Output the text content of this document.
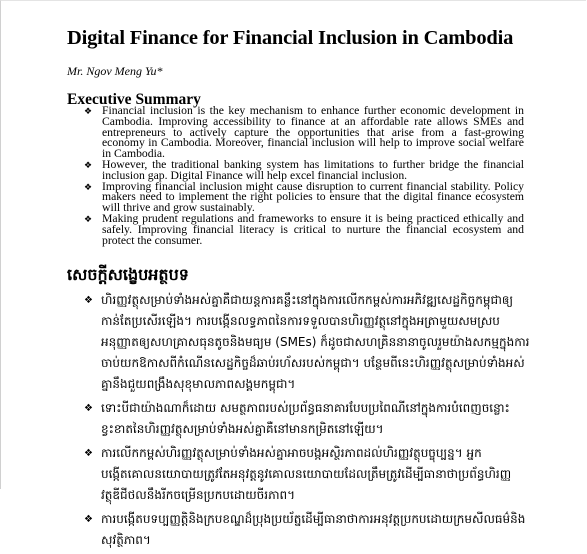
Digital Finance for Financial Inclusion in Cambodia
Mr. Ngov Meng Yu*
Executive Summary
❖ Financial inclusion is the key mechanism to enhance further economic development in Cambodia. Improving accessibility to finance at an affordable rate allows SMEs and entrepreneurs to actively capture the opportunities that arise from a fast-growing economy in Cambodia. Moreover, financial inclusion will help to improve social welfare in Cambodia.
❖ However, the traditional banking system has limitations to further bridge the financial inclusion gap. Digital Finance will help excel financial inclusion.
❖ Improving financial inclusion might cause disruption to current financial stability. Policy makers need to implement the right policies to ensure that the digital finance ecosystem will thrive and grow sustainably.
❖ Making prudent regulations and frameworks to ensure it is being practiced ethically and safely. Improving financial literacy is critical to nurture the financial ecosystem and protect the consumer.
សេចក្តីសង្ខេបអត្ថបទ
❖ ហិរញ្ញវត្ថុសម្រាប់ទាំងអស់គ្នាគឺជាយន្តការគន្លឹះនៅក្នុងការលើកកម្ពស់ការអភិវឌ្ឍសេដ្ឋកិច្ចកម្ពុជាឲ្យកាន់តែប្រសើរឡើង។ ការបង្កើនលទ្ធភាពនៃការទទួលបានហិរញ្ញវត្ថុនៅក្នុងអត្រាមួយសមស្របអនុញ្ញាតឲ្យសហគ្រាសធុនតូចនិងមធ្យម (SMEs) ក៏ដូចជាសហគ្រិននានាចូលរួមយ៉ាងសកម្មក្នុងការចាប់យកឱកាសពីកំណើនសេដ្ឋកិច្ចដ៏ឆាប់រហ័សរបស់កម្ពុជា។ បន្ថែមពីនេះហិរញ្ញវត្ថុសម្រាប់ទាំងអស់គ្នានឹងជួយពង្រឹងសុខុមាលភាពសង្គមកម្ពុជា។
❖ ទោះបីជាយ៉ាងណាក៏ដោយ សមត្ថភាពរបស់ប្រព័ន្ធធនាគារបែបប្រពៃណីនៅក្នុងការបំពេញចន្លោះខ្វះខាតនៃហិរញ្ញវត្ថុសម្រាប់ទាំងអស់គ្នាគឺនៅមានកម្រិតនៅឡើយ។
❖ ការលើកកម្ពស់ហិរញ្ញវត្ថុសម្រាប់ទាំងអស់គ្នាអាចបង្កអស្ថិរភាពដល់ហិរញ្ញវត្ថុបច្ចុប្បន្ន។ អ្នកបង្កើតគោលនយោបាយត្រូវតែអនុវត្តនូវគោលនយោបាយដែលត្រឹមត្រូវដើម្បីធានាថាប្រព័ន្ធហិរញ្ញវត្ថុឌីជីថលនឹងរីកចម្រើនប្រកបដោយចីរភាព។
❖ ការបង្កើតបទប្បញ្ញត្តិនិងក្របខណ្ឌដ៏ប្រុងប្រយ័ត្នដើម្បីធានាថាការអនុវត្តប្រកបដោយក្រមសីលធម៌និងសុវត្ថិភាព។
